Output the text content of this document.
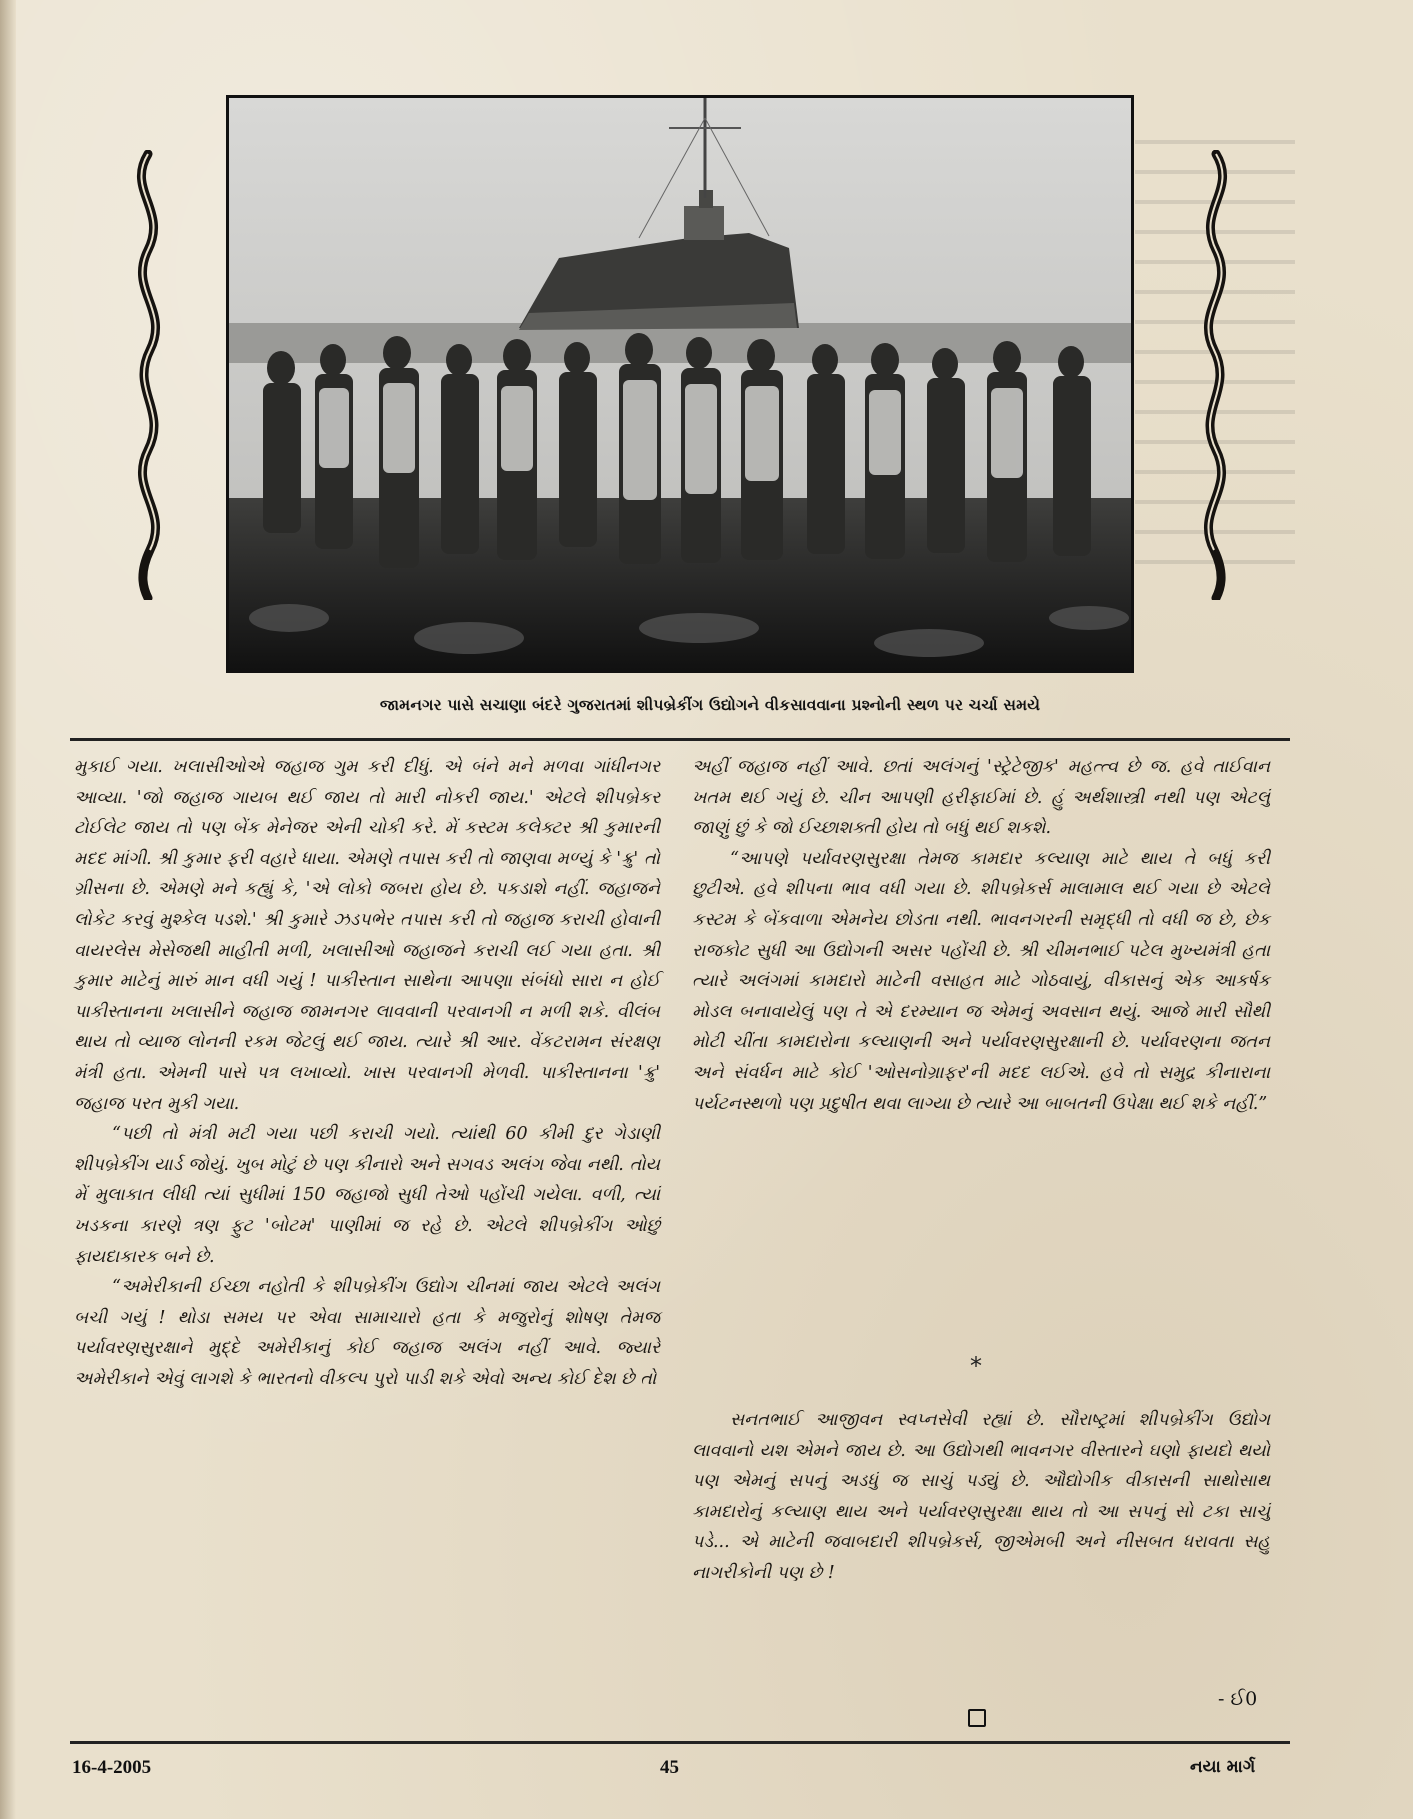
જામનગર પાસે સચાણા બંદરે ગુજરાતમાં શીપબ્રેકીંગ ઉદ્યોગને વીકસાવવાના પ્રશ્નોની સ્થળ પર ચર્ચા સમયે

મુકાઈ ગયા. ખલાસીઓએ જહાજ ગુમ કરી દીધું. એ બંને મને મળવા ગાંધીનગર આવ્યા. 'જો જહાજ ગાયબ થઈ જાય તો મારી નોકરી જાય.' એટલે શીપબ્રેકર ટોઈલેટ જાય તો પણ બેંક મેનેજર એની ચોકી કરે. મેં કસ્ટમ કલેક્ટર શ્રી કુમારની મદદ માંગી. શ્રી કુમાર ફરી વહારે ધાયા. એમણે તપાસ કરી તો જાણવા મળ્યું કે 'ક્રુ' તો ગ્રીસના છે. એમણે મને કહ્યું કે, 'એ લોકો જબરા હોય છે. પકડાશે નહીં. જહાજને લોકેટ કરવું મુશ્કેલ પડશે.' શ્રી કુમારે ઝડપભેર તપાસ કરી તો જહાજ કરાચી હોવાની વાયરલેસ મેસેજથી માહીતી મળી, ખલાસીઓ જહાજને કરાચી લઈ ગયા હતા. શ્રી કુમાર માટેનું મારું માન વધી ગયું ! પાકીસ્તાન સાથેના આપણા સંબંધો સારા ન હોઈ પાકીસ્તાનના ખલાસીને જહાજ જામનગર લાવવાની પરવાનગી ન મળી શકે. વીલંબ થાય તો વ્યાજ લોનની રકમ જેટલું થઈ જાય. ત્યારે શ્રી આર. વેંકટરામન સંરક્ષણ મંત્રી હતા. એમની પાસે પત્ર લખાવ્યો. ખાસ પરવાનગી મેળવી. પાકીસ્તાનના 'ક્રુ' જહાજ પરત મુકી ગયા.

“પછી તો મંત્રી મટી ગયા પછી કરાચી ગયો. ત્યાંથી 60 કીમી દુર ગેડાણી શીપબ્રેકીંગ યાર્ડ જોયું. ખુબ મોટું છે પણ કીનારો અને સગવડ અલંગ જેવા નથી. તોય મેં મુલાકાત લીધી ત્યાં સુધીમાં 150 જહાજો સુધી તેઓ પહોંચી ગયેલા. વળી, ત્યાં ખડકના કારણે ત્રણ ફુટ 'બોટમ' પાણીમાં જ રહે છે. એટલે શીપબ્રેકીંગ ઓછું ફાયદાકારક બને છે.

“અમેરીકાની ઈચ્છા નહોતી કે શીપબ્રેકીંગ ઉદ્યોગ ચીનમાં જાય એટલે અલંગ બચી ગયું ! થોડા સમય પર એવા સામાચારો હતા કે મજુરોનું શોષણ તેમજ પર્યાવરણસુરક્ષાને મુદ્દે અમેરીકાનું કોઈ જહાજ અલંગ નહીં આવે. જ્યારે અમેરીકાને એવું લાગશે કે ભારતનો વીકલ્પ પુરો પાડી શકે એવો અન્ય કોઈ દેશ છે તો

અહીં જહાજ નહીં આવે. છતાં અલંગનું 'સ્ટ્રેટેજીક' મહત્ત્વ છે જ. હવે તાઈવાન ખતમ થઈ ગયું છે. ચીન આપણી હરીફાઈમાં છે. હું અર્થશાસ્ત્રી નથી પણ એટલું જાણું છું કે જો ઈચ્છાશક્તી હોય તો બધું થઈ શકશે.

“આપણે પર્યાવરણસુરક્ષા તેમજ કામદાર કલ્યાણ માટે થાય તે બધું કરી છુટીએ. હવે શીપના ભાવ વધી ગયા છે. શીપબ્રેકર્સ માલામાલ થઈ ગયા છે એટલે કસ્ટમ કે બેંકવાળા એમનેય છોડતા નથી. ભાવનગરની સમૃદ્ધી તો વધી જ છે, છેક રાજકોટ સુધી આ ઉદ્યોગની અસર પહોંચી છે. શ્રી ચીમનભાઈ પટેલ મુખ્યમંત્રી હતા ત્યારે અલંગમાં કામદારો માટેની વસાહત માટે ગોઠવાયું, વીકાસનું એક આકર્ષક મોડલ બનાવાયેલું પણ તે એ દરમ્યાન જ એમનું અવસાન થયું. આજે મારી સૌથી મોટી ચીંતા કામદારોના કલ્યાણની અને પર્યાવરણસુરક્ષાની છે. પર્યાવરણના જતન અને સંવર્ધન માટે કોઈ 'ઓસનોગ્રાફર'ની મદદ લઈએ. હવે તો સમુદ્ર કીનારાના પર્યટનસ્થળો પણ પ્રદુષીત થવા લાગ્યા છે ત્યારે આ બાબતની ઉપેક્ષા થઈ શકે નહીં.”

*

સનતભાઈ આજીવન સ્વપ્નસેવી રહ્યાં છે. સૌરાષ્ટ્રમાં શીપબ્રેકીંગ ઉદ્યોગ લાવવાનો યશ એમને જાય છે. આ ઉદ્યોગથી ભાવનગર વીસ્તારને ઘણો ફાયદો થયો પણ એમનું સપનું અડધું જ સાચું પડ્યું છે. ઔદ્યોગીક વીકાસની સાથોસાથ કામદારોનું કલ્યાણ થાય અને પર્યાવરણસુરક્ષા થાય તો આ સપનું સો ટકા સાચું પડે... એ માટેની જવાબદારી શીપબ્રેકર્સ, જીએમબી અને નીસબત ધરાવતા સહુ નાગરીકોની પણ છે !

- ઈ0
16-4-2005	45	નયા માર્ગ
